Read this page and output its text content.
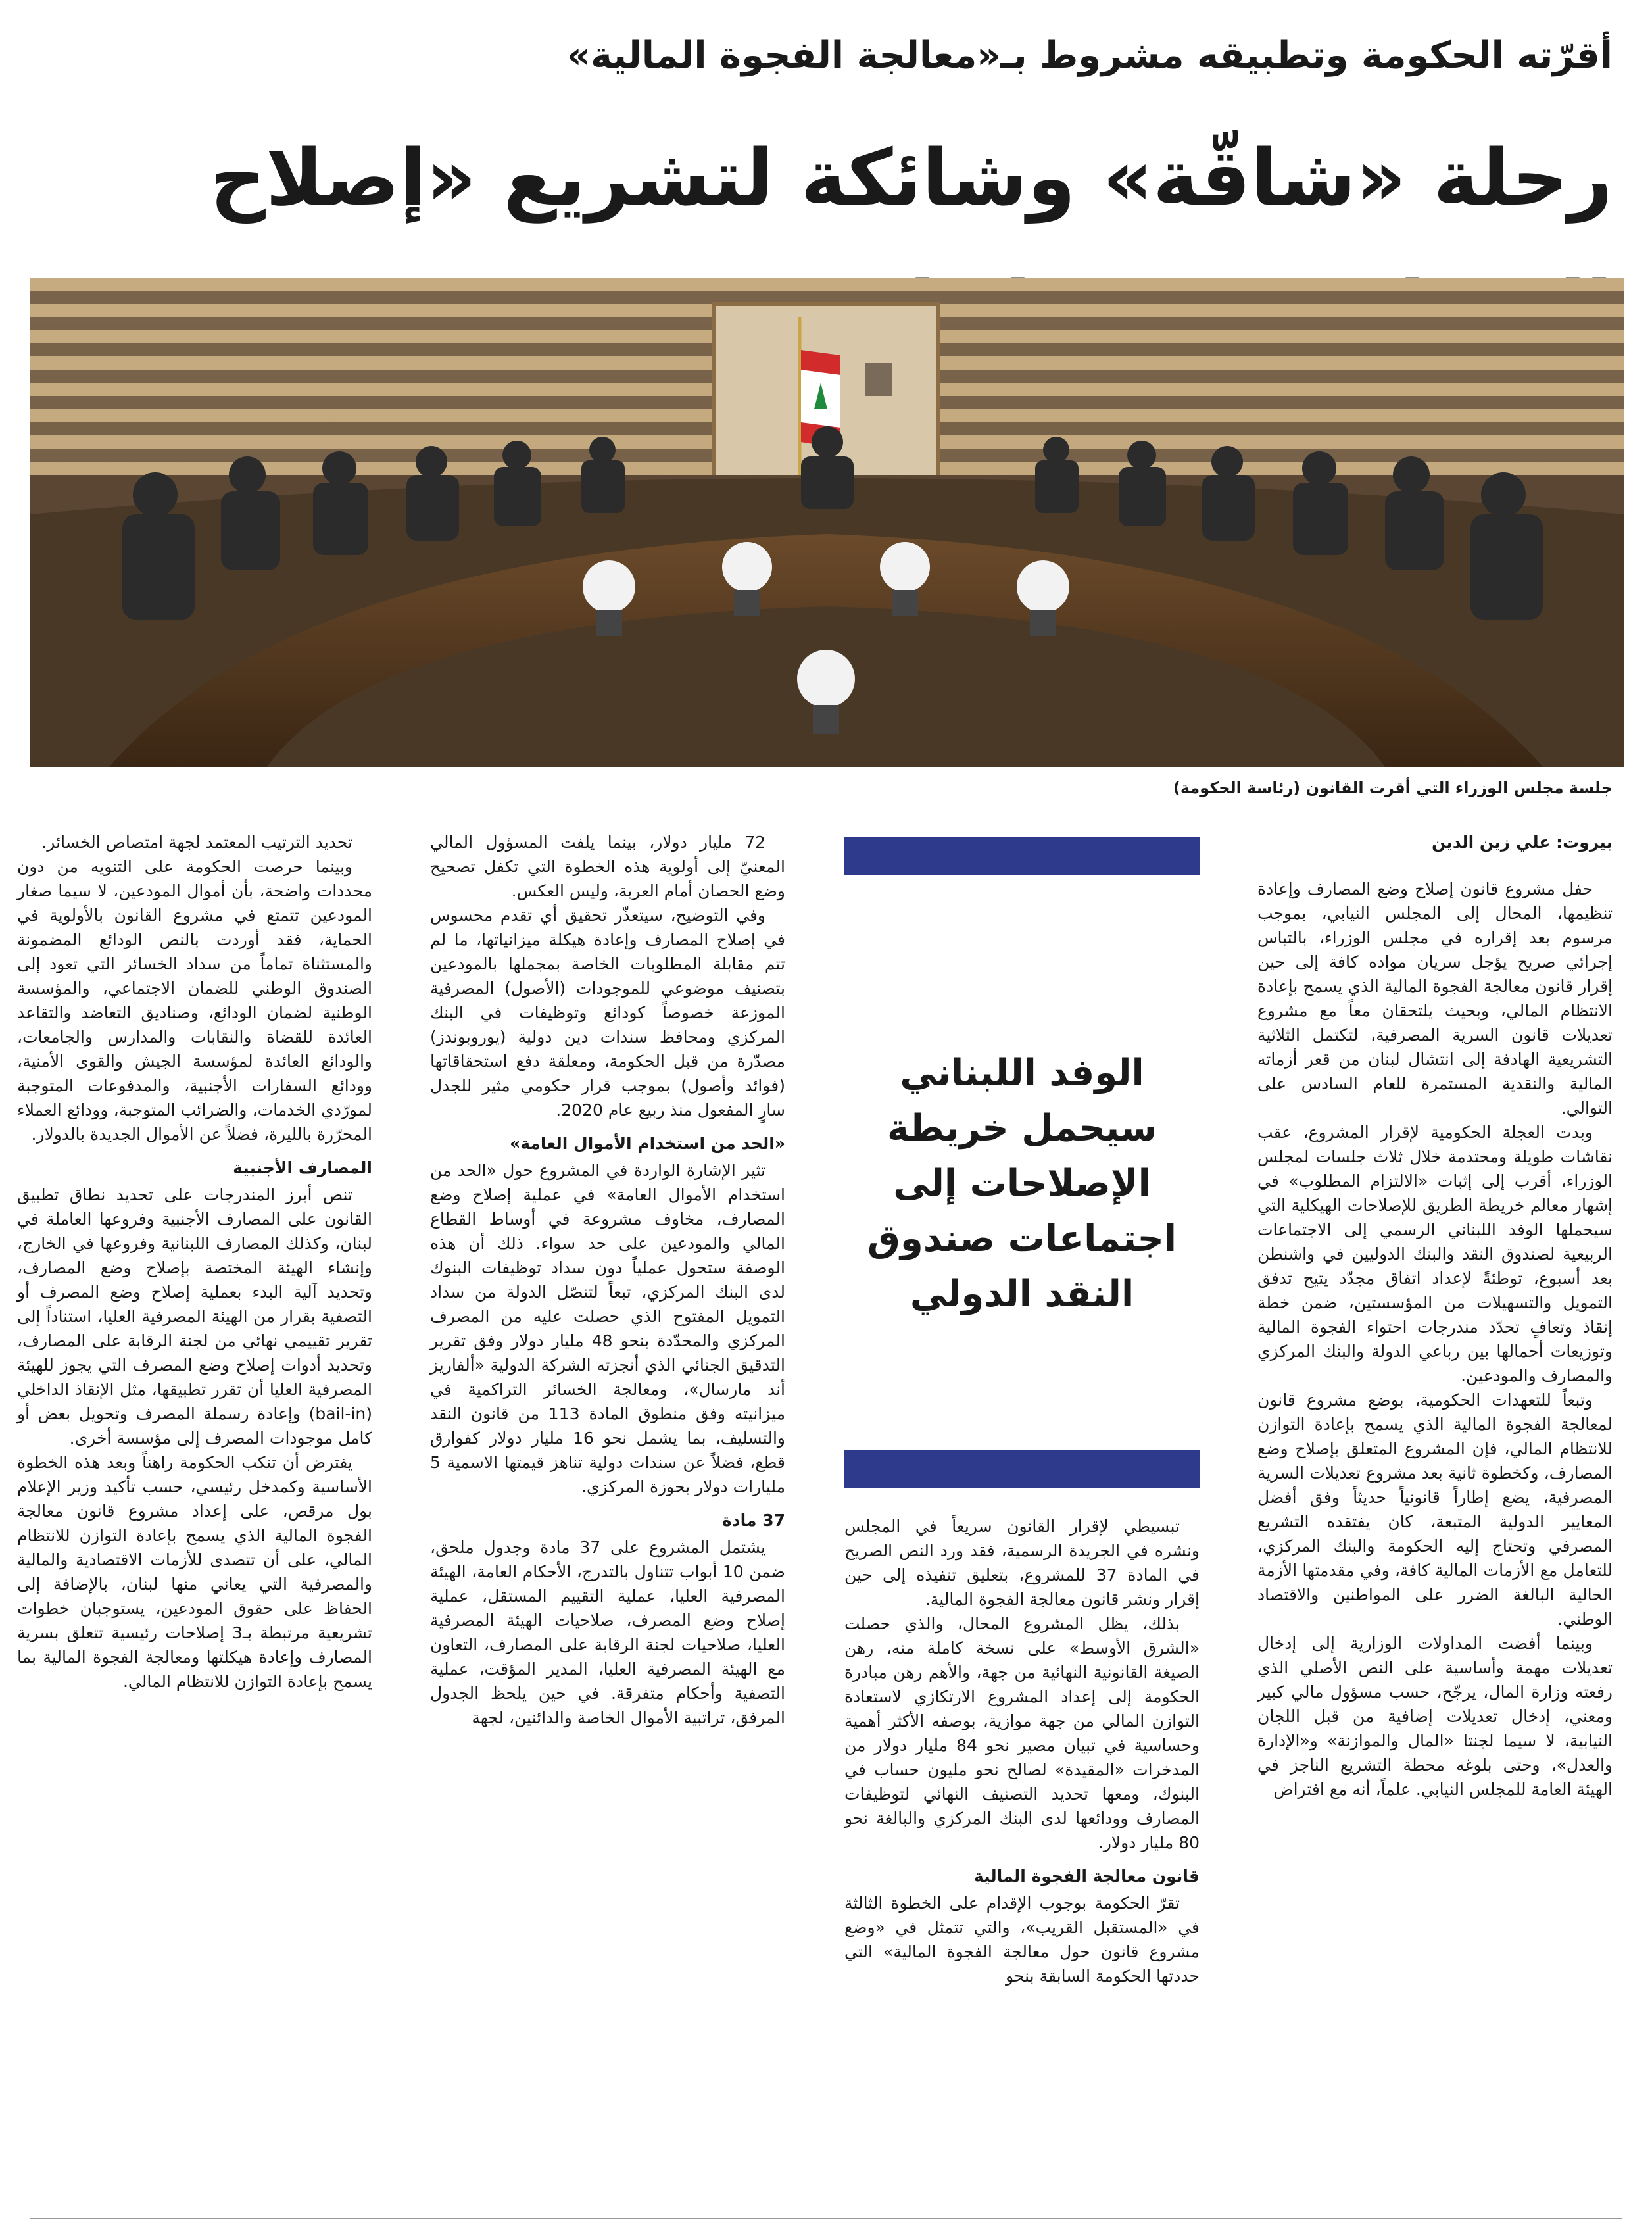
أقرّته الحكومة وتطبيقه مشروط بـ«معالجة الفجوة المالية»
رحلة «شاقّة» وشائكة لتشريع «إصلاح
جلسة مجلس الوزراء التي أقرت القانون (رئاسة الحكومة)

بيروت: علي زين الدين

حفل مشروع قانون إصلاح وضع المصارف وإعادة تنظيمها، المحال إلى المجلس النيابي، بموجب مرسوم بعد إقراره في مجلس الوزراء، بالتباس إجرائي صريح يؤجل سريان مواده كافة إلى حين إقرار قانون معالجة الفجوة المالية الذي يسمح بإعادة الانتظام المالي، وبحيث يلتحقان معاً مع مشروع تعديلات قانون السرية المصرفية، لتكتمل الثلاثية التشريعية الهادفة إلى انتشال لبنان من قعر أزماته المالية والنقدية المستمرة للعام السادس على التوالي.

وبدت العجلة الحكومية لإقرار المشروع، عقب نقاشات طويلة ومحتدمة خلال ثلاث جلسات لمجلس الوزراء، أقرب إلى إثبات «الالتزام المطلوب» في إشهار معالم خريطة الطريق للإصلاحات الهيكلية التي سيحملها الوفد اللبناني الرسمي إلى الاجتماعات الربيعية لصندوق النقد والبنك الدوليين في واشنطن بعد أسبوع، توطئةً لإعداد اتفاق مجدّد يتيح تدفق التمويل والتسهيلات من المؤسستين، ضمن خطة إنقاذ وتعافٍ تحدّد مندرجات احتواء الفجوة المالية وتوزيعات أحمالها بين رباعي الدولة والبنك المركزي والمصارف والمودعين.

وتبعاً للتعهدات الحكومية، بوضع مشروع قانون لمعالجة الفجوة المالية الذي يسمح بإعادة التوازن للانتظام المالي، فإن المشروع المتعلق بإصلاح وضع المصارف، وكخطوة ثانية بعد مشروع تعديلات السرية المصرفية، يضع إطاراً قانونياً حديثاً وفق أفضل المعايير الدولية المتبعة، كان يفتقده التشريع المصرفي وتحتاج إليه الحكومة والبنك المركزي، للتعامل مع الأزمات المالية كافة، وفي مقدمتها الأزمة الحالية البالغة الضرر على المواطنين والاقتصاد الوطني.

وبينما أفضت المداولات الوزارية إلى إدخال تعديلات مهمة وأساسية على النص الأصلي الذي رفعته وزارة المال، يرجّح، حسب مسؤول مالي كبير ومعني، إدخال تعديلات إضافية من قبل اللجان النيابية، لا سيما لجنتا «المال والموازنة» و«الإدارة والعدل»، وحتى بلوغه محطة التشريع الناجز في الهيئة العامة للمجلس النيابي. علماً، أنه مع افتراض

الوفد اللبناني سيحمل خريطة الإصلاحات إلى اجتماعات صندوق النقد الدولي

تبسيطي لإقرار القانون سريعاً في المجلس ونشره في الجريدة الرسمية، فقد ورد النص الصريح في المادة 37 للمشروع، بتعليق تنفيذه إلى حين إقرار ونشر قانون معالجة الفجوة المالية.

بذلك، يظل المشروع المحال، والذي حصلت «الشرق الأوسط» على نسخة كاملة منه، رهن الصيغة القانونية النهائية من جهة، والأهم رهن مبادرة الحكومة إلى إعداد المشروع الارتكازي لاستعادة التوازن المالي من جهة موازية، بوصفه الأكثر أهمية وحساسية في تبيان مصير نحو 84 مليار دولار من المدخرات «المقيدة» لصالح نحو مليون حساب في البنوك، ومعها تحديد التصنيف النهائي لتوظيفات المصارف وودائعها لدى البنك المركزي والبالغة نحو 80 مليار دولار.

قانون معالجة الفجوة المالية

تقرّ الحكومة بوجوب الإقدام على الخطوة الثالثة في «المستقبل القريب»، والتي تتمثل في «وضع مشروع قانون حول معالجة الفجوة المالية» التي حددتها الحكومة السابقة بنحو

72 مليار دولار، بينما يلفت المسؤول المالي المعنيّ إلى أولوية هذه الخطوة التي تكفل تصحيح وضع الحصان أمام العربة، وليس العكس.

وفي التوضيح، سيتعذّر تحقيق أي تقدم محسوس في إصلاح المصارف وإعادة هيكلة ميزانياتها، ما لم تتم مقابلة المطلوبات الخاصة بمجملها بالمودعين بتصنيف موضوعي للموجودات (الأصول) المصرفية الموزعة خصوصاً كودائع وتوظيفات في البنك المركزي ومحافظ سندات دين دولية (يوروبوندز) مصدّرة من قبل الحكومة، ومعلقة دفع استحقاقاتها (فوائد وأصول) بموجب قرار حكومي مثير للجدل سارٍ المفعول منذ ربيع عام 2020.

«الحد من استخدام الأموال العامة»

تثير الإشارة الواردة في المشروع حول «الحد من استخدام الأموال العامة» في عملية إصلاح وضع المصارف، مخاوف مشروعة في أوساط القطاع المالي والمودعين على حد سواء. ذلك أن هذه الوصفة ستحول عملياً دون سداد توظيفات البنوك لدى البنك المركزي، تبعاً لتنصّل الدولة من سداد التمويل المفتوح الذي حصلت عليه من المصرف المركزي والمحدّدة بنحو 48 مليار دولار وفق تقرير التدقيق الجنائي الذي أنجزته الشركة الدولية «ألفاريز أند مارسال»، ومعالجة الخسائر التراكمية في ميزانيته وفق منطوق المادة 113 من قانون النقد والتسليف، بما يشمل نحو 16 مليار دولار كفوارق قطع، فضلاً عن سندات دولية تناهز قيمتها الاسمية 5 مليارات دولار بحوزة المركزي.

37 مادة

يشتمل المشروع على 37 مادة وجدول ملحق، ضمن 10 أبواب تتناول بالتدرج، الأحكام العامة، الهيئة المصرفية العليا، عملية التقييم المستقل، عملية إصلاح وضع المصرف، صلاحيات الهيئة المصرفية العليا، صلاحيات لجنة الرقابة على المصارف، التعاون مع الهيئة المصرفية العليا، المدير المؤقت، عملية التصفية وأحكام متفرقة. في حين يلحظ الجدول المرفق، تراتبية الأموال الخاصة والدائنين، لجهة

تحديد الترتيب المعتمد لجهة امتصاص الخسائر.

وبينما حرصت الحكومة على التنويه من دون محددات واضحة، بأن أموال المودعين، لا سيما صغار المودعين تتمتع في مشروع القانون بالأولوية في الحماية، فقد أوردت بالنص الودائع المضمونة والمستثناة تماماً من سداد الخسائر التي تعود إلى الصندوق الوطني للضمان الاجتماعي، والمؤسسة الوطنية لضمان الودائع، وصناديق التعاضد والتقاعد العائدة للقضاة والنقابات والمدارس والجامعات، والودائع العائدة لمؤسسة الجيش والقوى الأمنية، وودائع السفارات الأجنبية، والمدفوعات المتوجبة لمورّدي الخدمات، والضرائب المتوجبة، وودائع العملاء المحرّرة بالليرة، فضلاً عن الأموال الجديدة بالدولار.

المصارف الأجنبية

تنص أبرز المندرجات على تحديد نطاق تطبيق القانون على المصارف الأجنبية وفروعها العاملة في لبنان، وكذلك المصارف اللبنانية وفروعها في الخارج، وإنشاء الهيئة المختصة بإصلاح وضع المصارف، وتحديد آلية البدء بعملية إصلاح وضع المصرف أو التصفية بقرار من الهيئة المصرفية العليا، استناداً إلى تقرير تقييمي نهائي من لجنة الرقابة على المصارف، وتحديد أدوات إصلاح وضع المصرف التي يجوز للهيئة المصرفية العليا أن تقرر تطبيقها، مثل الإنقاذ الداخلي (bail-in) وإعادة رسملة المصرف وتحويل بعض أو كامل موجودات المصرف إلى مؤسسة أخرى.

يفترض أن تنكب الحكومة راهناً وبعد هذه الخطوة الأساسية وكمدخل رئيسي، حسب تأكيد وزير الإعلام بول مرقص، على إعداد مشروع قانون معالجة الفجوة المالية الذي يسمح بإعادة التوازن للانتظام المالي، على أن تتصدى للأزمات الاقتصادية والمالية والمصرفية التي يعاني منها لبنان، بالإضافة إلى الحفاظ على حقوق المودعين، يستوجبان خطوات تشريعية مرتبطة بـ3 إصلاحات رئيسية تتعلق بسرية المصارف وإعادة هيكلتها ومعالجة الفجوة المالية بما يسمح بإعادة التوازن للانتظام المالي.
